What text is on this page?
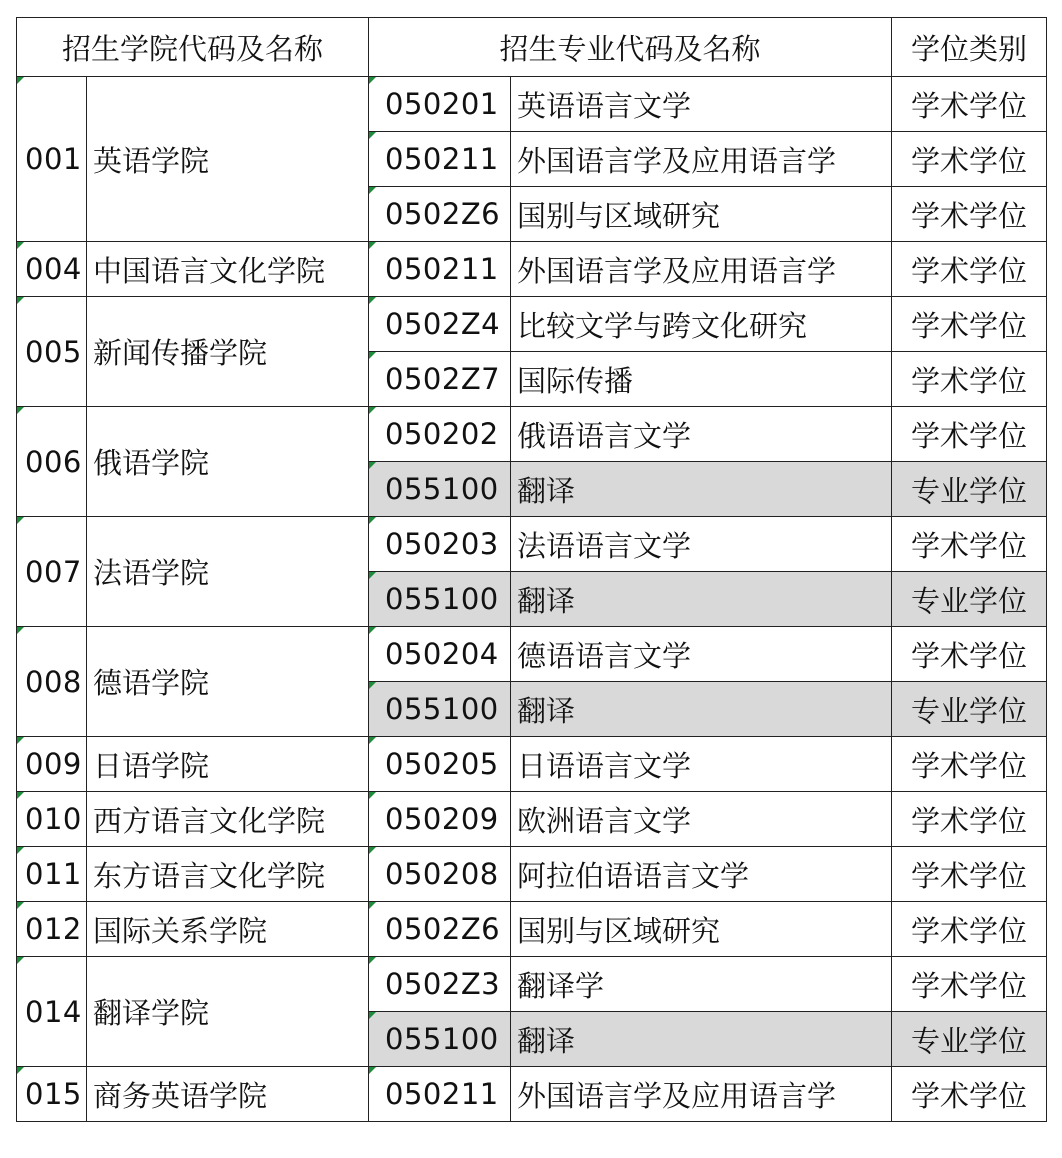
招生学院代码及名称		招生专业代码及名称		学位类别
001	英语学院	050201	英语语言文学	学术学位
		050211	外国语言学及应用语言学	学术学位
		0502Z6	国别与区域研究	学术学位
004	中国语言文化学院	050211	外国语言学及应用语言学	学术学位
005	新闻传播学院	0502Z4	比较文学与跨文化研究	学术学位
		0502Z7	国际传播	学术学位
006	俄语学院	050202	俄语语言文学	学术学位
		055100	翻译	专业学位
007	法语学院	050203	法语语言文学	学术学位
		055100	翻译	专业学位
008	德语学院	050204	德语语言文学	学术学位
		055100	翻译	专业学位
009	日语学院	050205	日语语言文学	学术学位
010	西方语言文化学院	050209	欧洲语言文学	学术学位
011	东方语言文化学院	050208	阿拉伯语语言文学	学术学位
012	国际关系学院	0502Z6	国别与区域研究	学术学位
014	翻译学院	0502Z3	翻译学	学术学位
		055100	翻译	专业学位
015	商务英语学院	050211	外国语言学及应用语言学	学术学位
